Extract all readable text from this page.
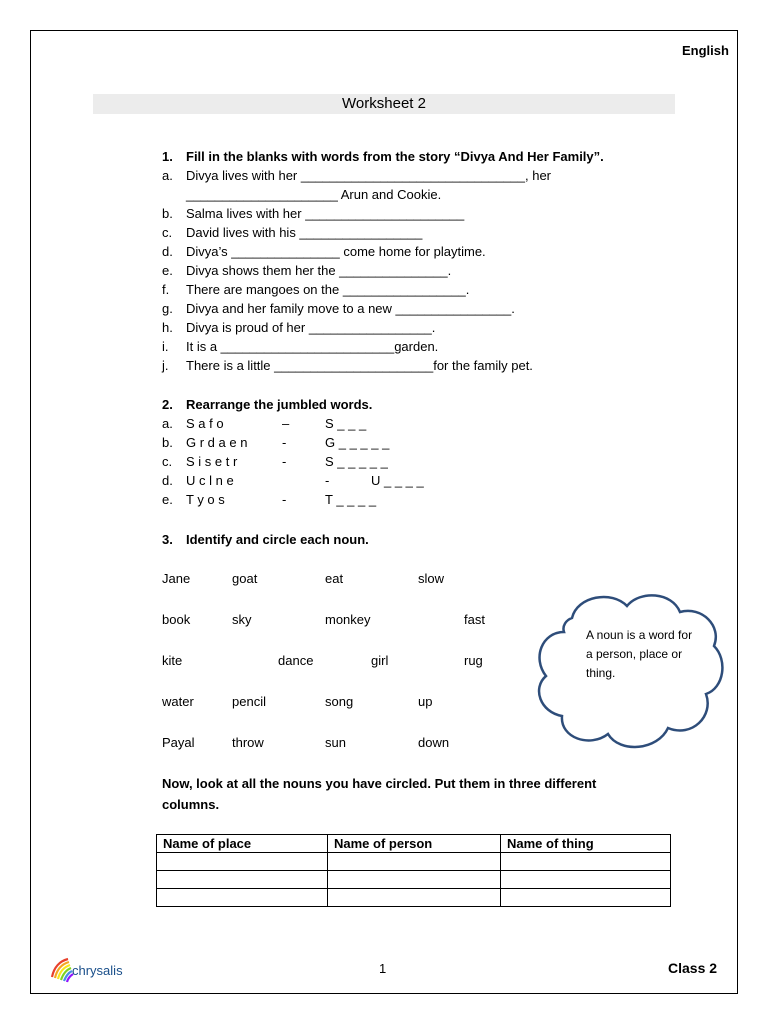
English
Worksheet 2
1. Fill in the blanks with words from the story “Divya And Her Family”.
a. Divya lives with her _______________________________, her
_____________________ Arun and Cookie.
b. Salma lives with her ______________________
c. David lives with his _________________
d. Divya’s _______________ come home for playtime.
e. Divya shows them her the _______________.
f. There are mangoes on the _________________.
g. Divya and her family move to a new ________________.
h. Divya is proud of her _________________.
i. It is a ________________________garden.
j. There is a little ______________________for the family pet.
2. Rearrange the jumbled words.
a. S a f o	–	S _ _ _
b. G r d a e n	-	G _ _ _ _ _
c. S i s e t r	-	S _ _ _ _ _
d. U c l n e	-	U _ _ _ _
e. T y o s	-	T _ _ _ _
3. Identify and circle each noun.
Jane	goat	eat	slow
book	sky	monkey	fast
kite	dance	girl	rug
water	pencil	song	up
Payal	throw	sun	down
A noun is a word for a person, place or thing.
Now, look at all the nouns you have circled. Put them in three different
columns.
Name of place	Name of person	Name of thing

chrysalis	1	Class 2
